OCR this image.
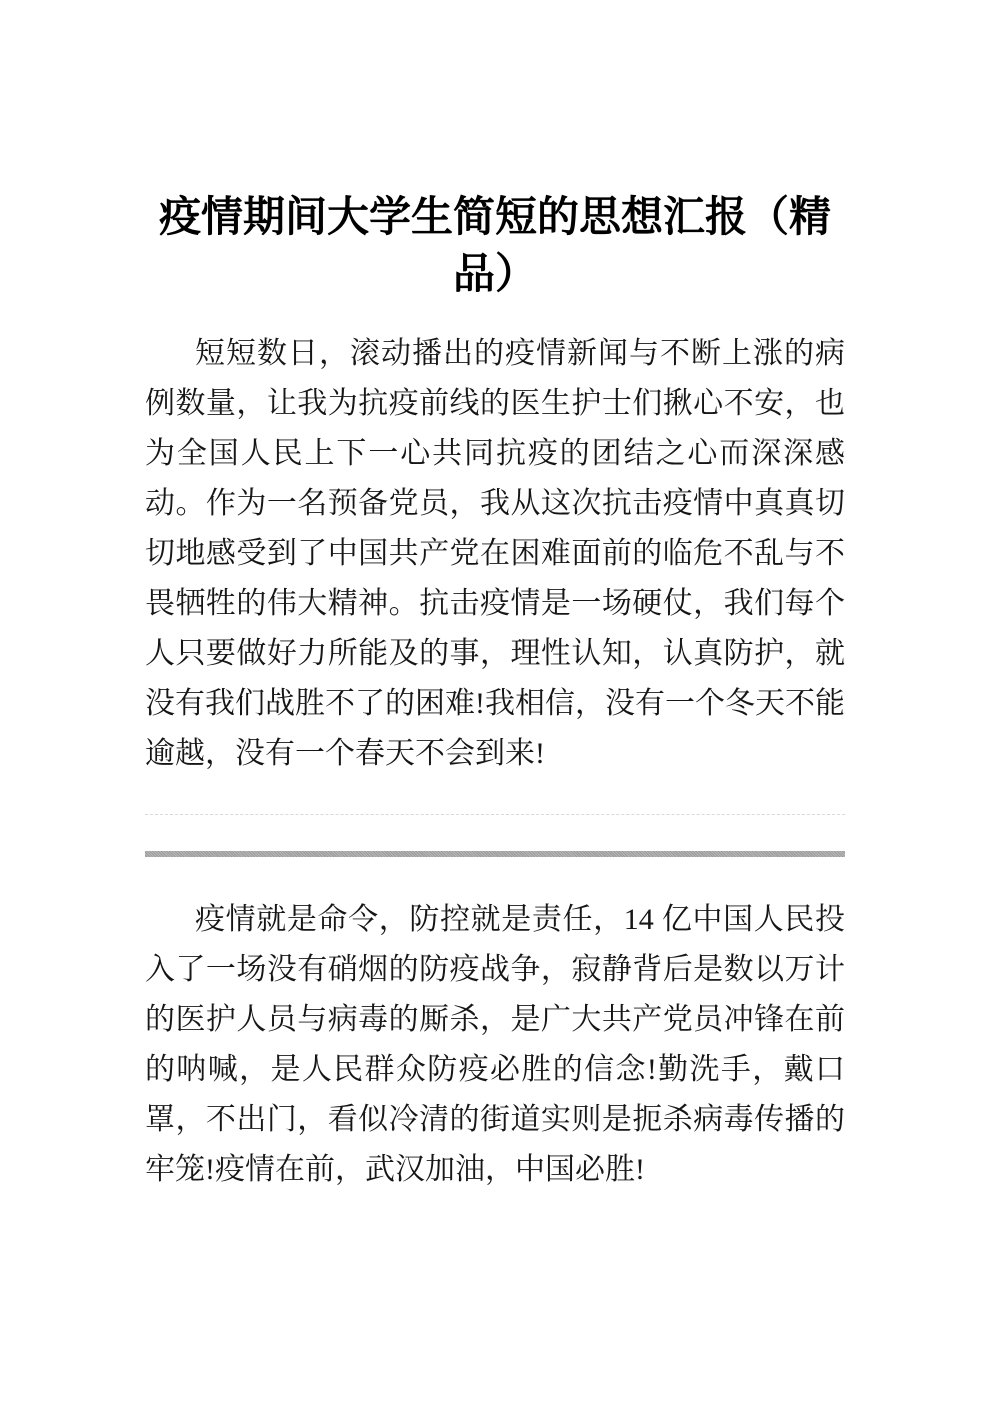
疫情期间大学生简短的思想汇报（精品）

短短数日，滚动播出的疫情新闻与不断上涨的病例数量，让我为抗疫前线的医生护士们揪心不安，也为全国人民上下一心共同抗疫的团结之心而深深感动。作为一名预备党员，我从这次抗击疫情中真真切切地感受到了中国共产党在困难面前的临危不乱与不畏牺牲的伟大精神。抗击疫情是一场硬仗，我们每个人只要做好力所能及的事，理性认知，认真防护，就没有我们战胜不了的困难!我相信，没有一个冬天不能逾越，没有一个春天不会到来!

疫情就是命令，防控就是责任，14 亿中国人民投入了一场没有硝烟的防疫战争，寂静背后是数以万计的医护人员与病毒的厮杀，是广大共产党员冲锋在前的呐喊，是人民群众防疫必胜的信念!勤洗手，戴口罩，不出门，看似冷清的街道实则是扼杀病毒传播的牢笼!疫情在前，武汉加油，中国必胜!
